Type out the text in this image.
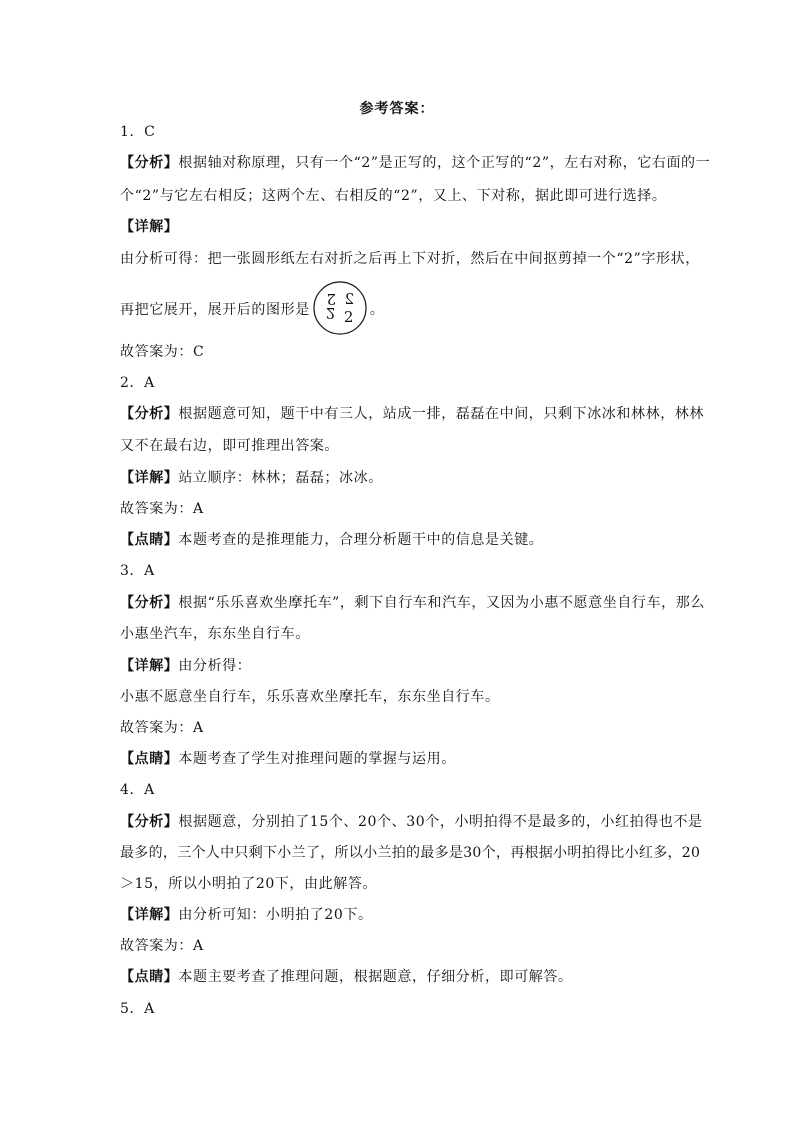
参考答案：
1．C
【分析】根据轴对称原理，只有一个“2”是正写的，这个正写的“2”，左右对称，它右面的一
个“2”与它左右相反；这两个左、右相反的“2”，又上、下对称，据此即可进行选择。
【详解】
由分析可得：把一张圆形纸左右对折之后再上下对折，然后在中间抠剪掉一个“2”字形状，
再把它展开，展开后的图形是
2 2
2 2 。
故答案为：C
2．A
【分析】根据题意可知，题干中有三人，站成一排，磊磊在中间，只剩下冰冰和林林，林林
又不在最右边，即可推理出答案。
【详解】站立顺序：林林；磊磊；冰冰。
故答案为：A
【点睛】本题考查的是推理能力，合理分析题干中的信息是关键。
3．A
【分析】根据“乐乐喜欢坐摩托车”，剩下自行车和汽车，又因为小惠不愿意坐自行车，那么
小惠坐汽车，东东坐自行车。
【详解】由分析得：
小惠不愿意坐自行车，乐乐喜欢坐摩托车，东东坐自行车。
故答案为：A
【点睛】本题考查了学生对推理问题的掌握与运用。
4．A
【分析】根据题意，分别拍了15个、20个、30个，小明拍得不是最多的，小红拍得也不是
最多的，三个人中只剩下小兰了，所以小兰拍的最多是30个，再根据小明拍得比小红多，20
＞15，所以小明拍了20下，由此解答。
【详解】由分析可知：小明拍了20下。
故答案为：A
【点睛】本题主要考查了推理问题，根据题意，仔细分析，即可解答。
5．A
